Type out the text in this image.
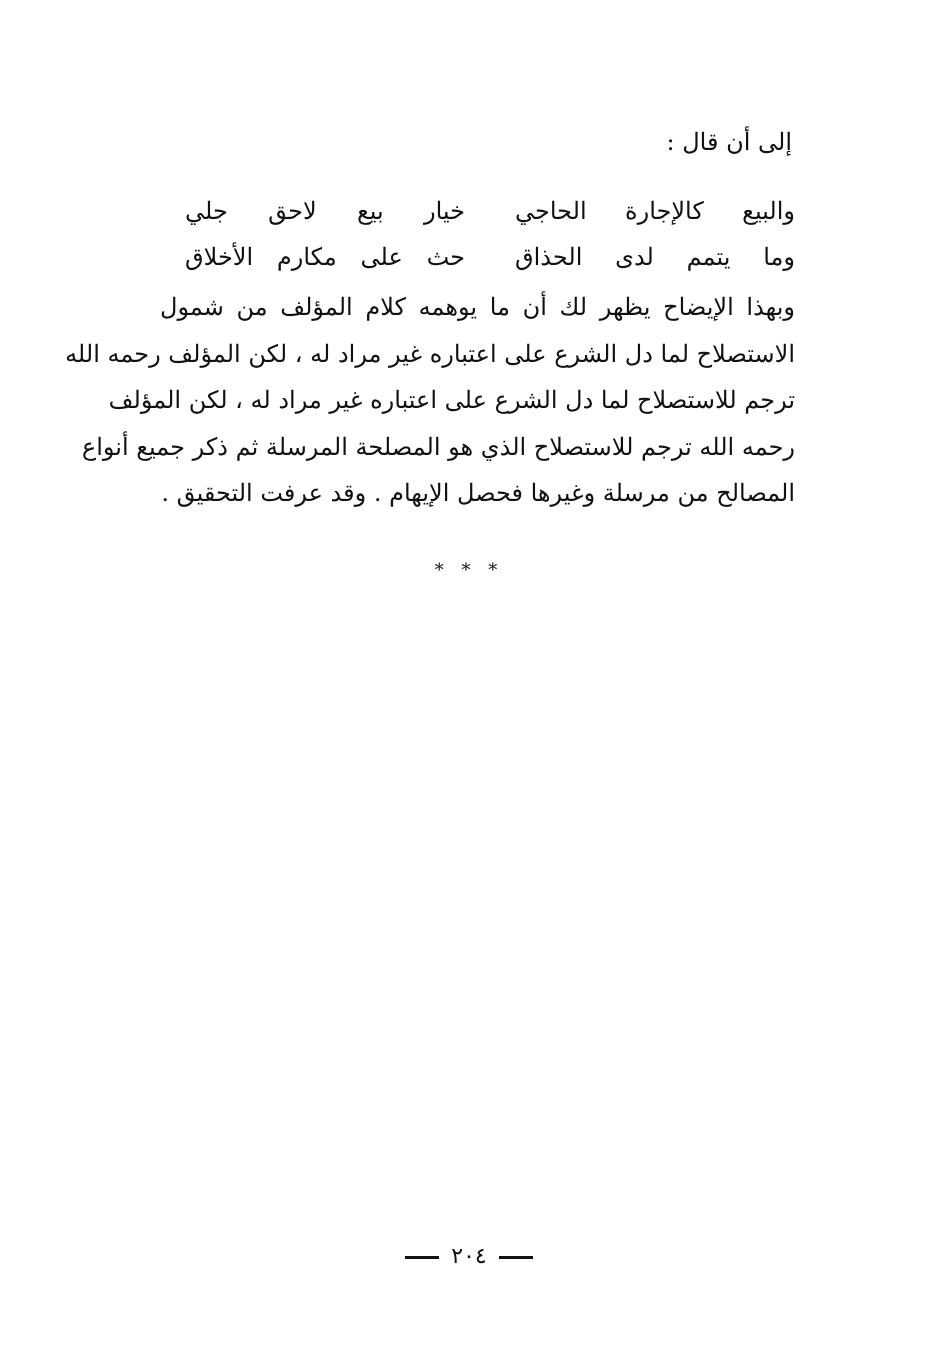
إلى أن قال :
والبيع كالإجارة الحاجي
خيار بيع لاحق جلي
وما يتمم لدى الحذاق
حث على مكارم الأخلاق
وبهذا الإيضاح يظهر لك أن ما يوهمه كلام المؤلف من شمول
الاستصلاح لما دل الشرع على اعتباره غير مراد له ، لكن المؤلف رحمه الله
ترجم للاستصلاح لما دل الشرع على اعتباره غير مراد له ، لكن المؤلف
رحمه الله ترجم للاستصلاح الذي هو المصلحة المرسلة ثم ذكر جميع أنواع
المصالح من مرسلة وغيرها فحصل الإيهام . وقد عرفت التحقيق .
* * *
٢٠٤
